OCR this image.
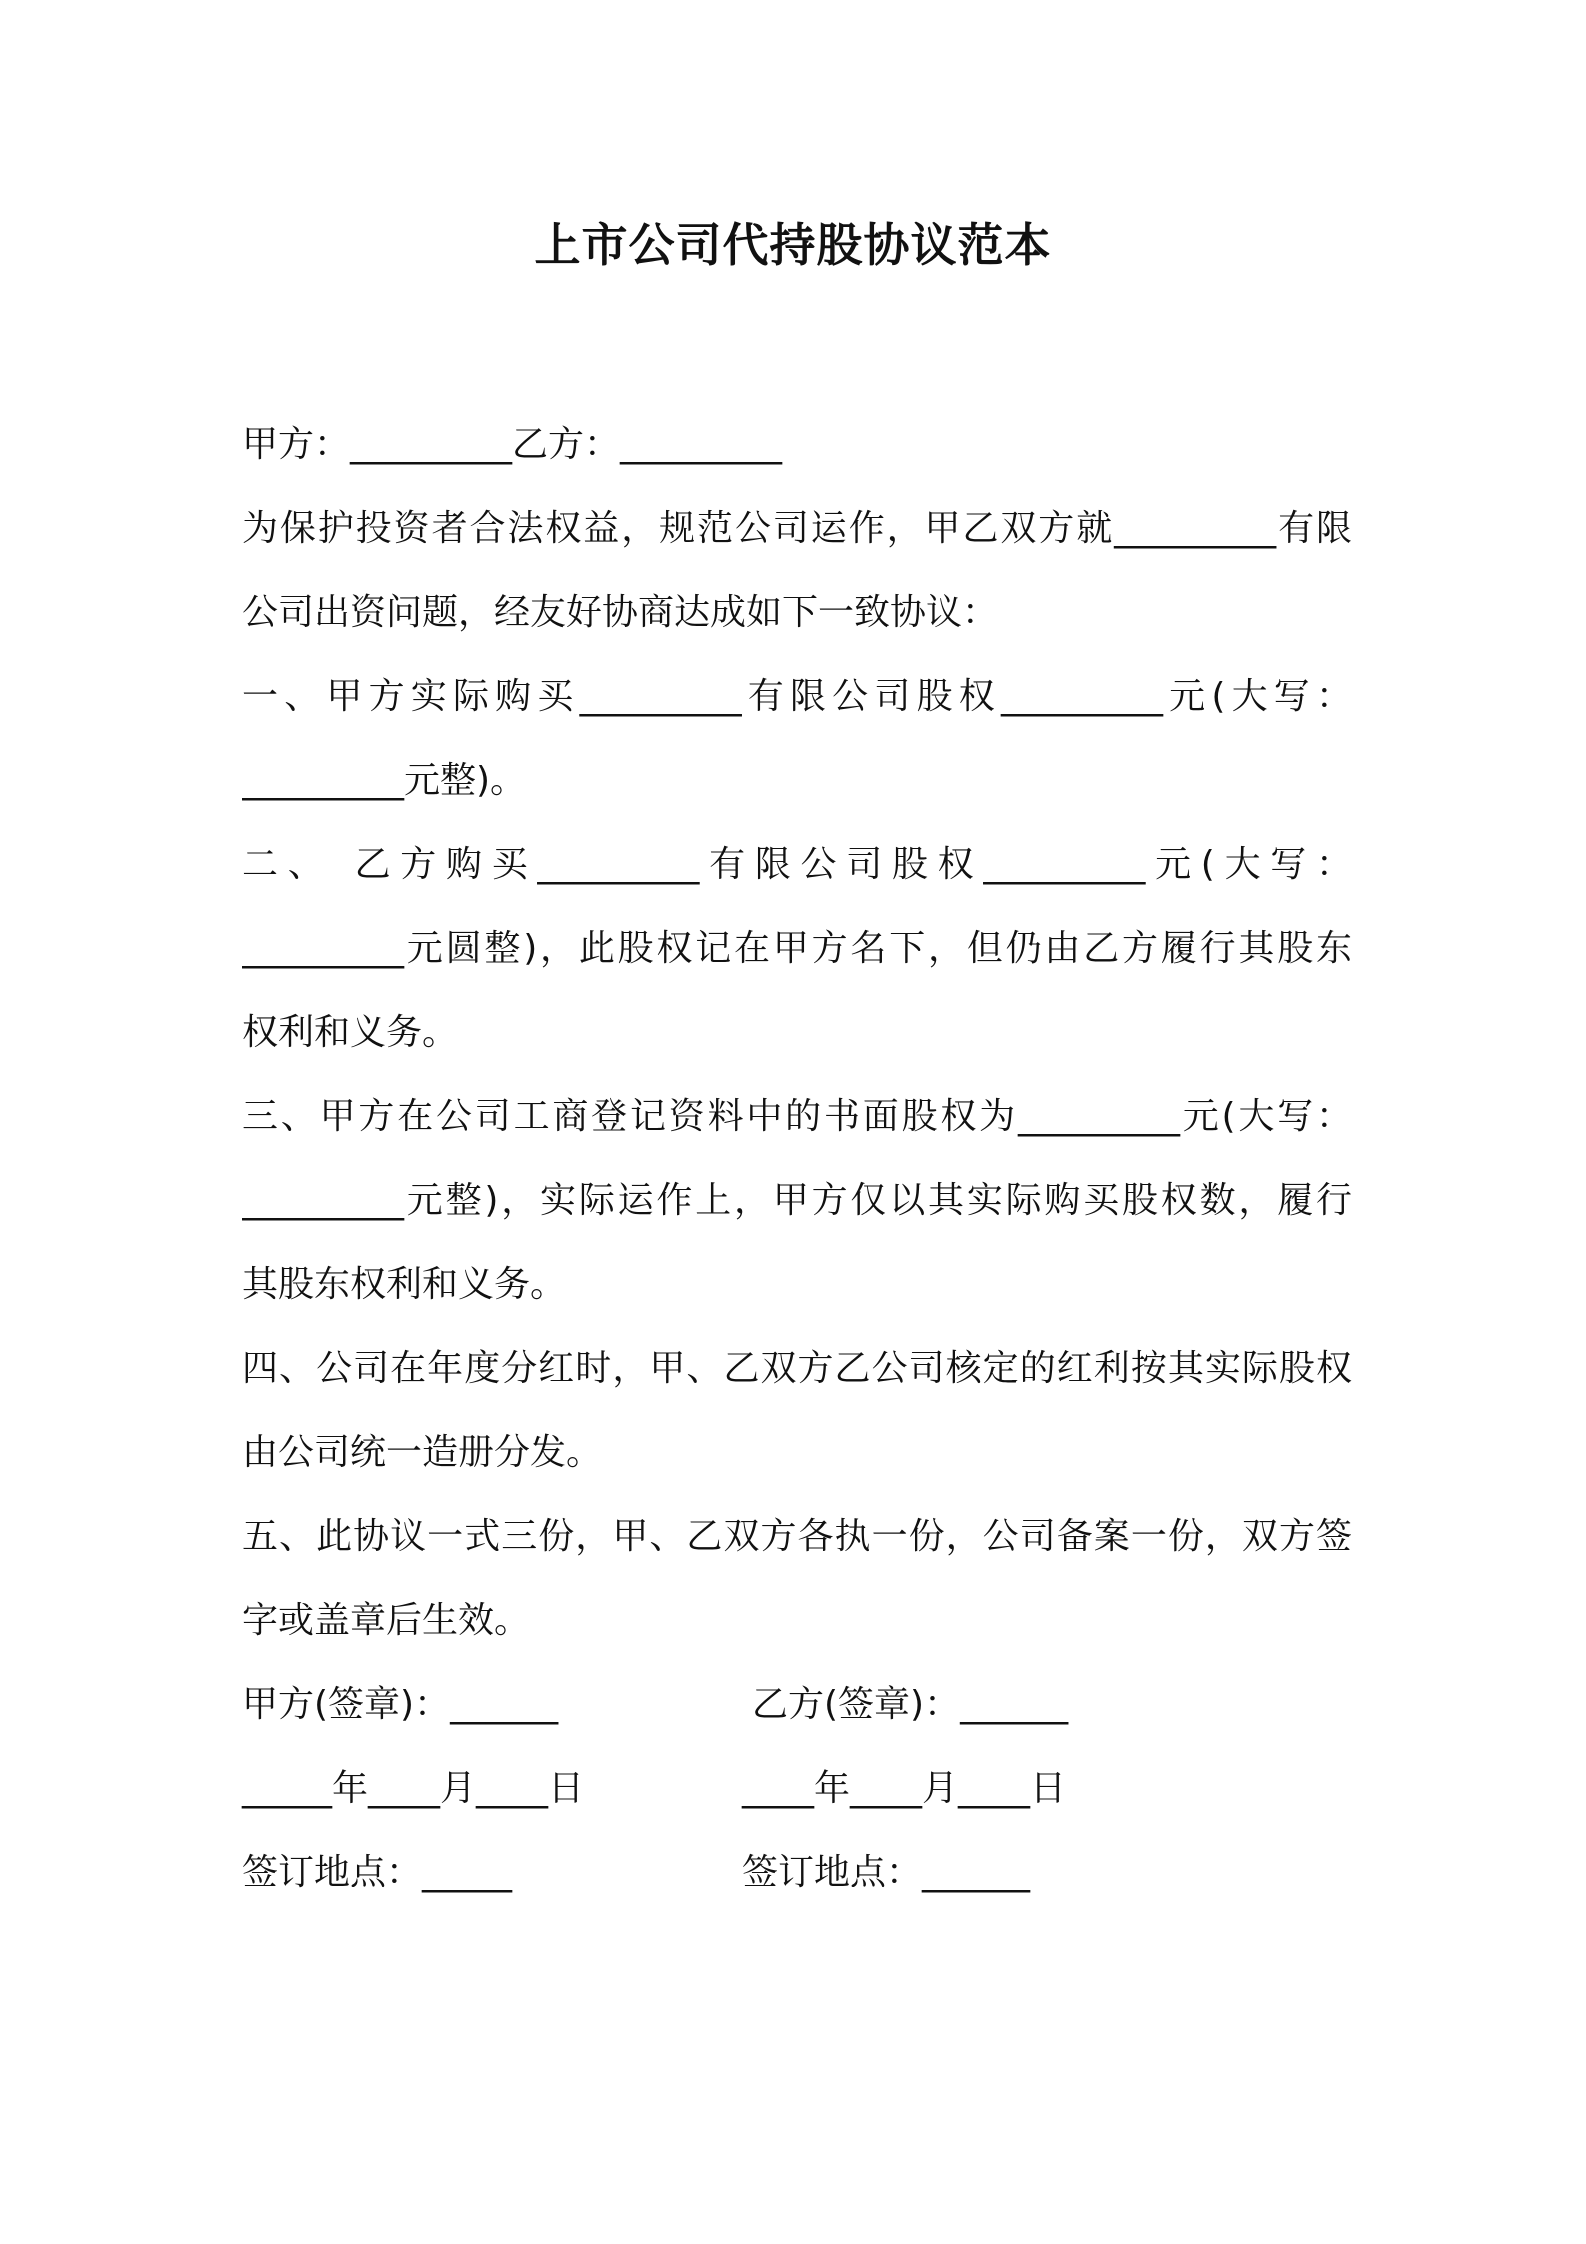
上市公司代持股协议范本
甲方：_________乙方：_________
为保护投资者合法权益，规范公司运作，甲乙双方就_________有限
公司出资问题，经友好协商达成如下一致协议：
一、甲方实际购买_________有限公司股权_________元(大写：
_________元整)。
二、 乙方购买_________有限公司股权_________元(大写：
_________元圆整)，此股权记在甲方名下，但仍由乙方履行其股东
权利和义务。
三、甲方在公司工商登记资料中的书面股权为_________元(大写：
_________元整)，实际运作上，甲方仅以其实际购买股权数，履行
其股东权利和义务。
四、公司在年度分红时，甲、乙双方乙公司核定的红利按其实际股权
由公司统一造册分发。
五、此协议一式三份，甲、乙双方各执一份，公司备案一份，双方签
字或盖章后生效。

甲方(签章)：______

	乙方(签章)：______

_____年____月____日

	____年____月____日

签订地点：_____

	签订地点：______
